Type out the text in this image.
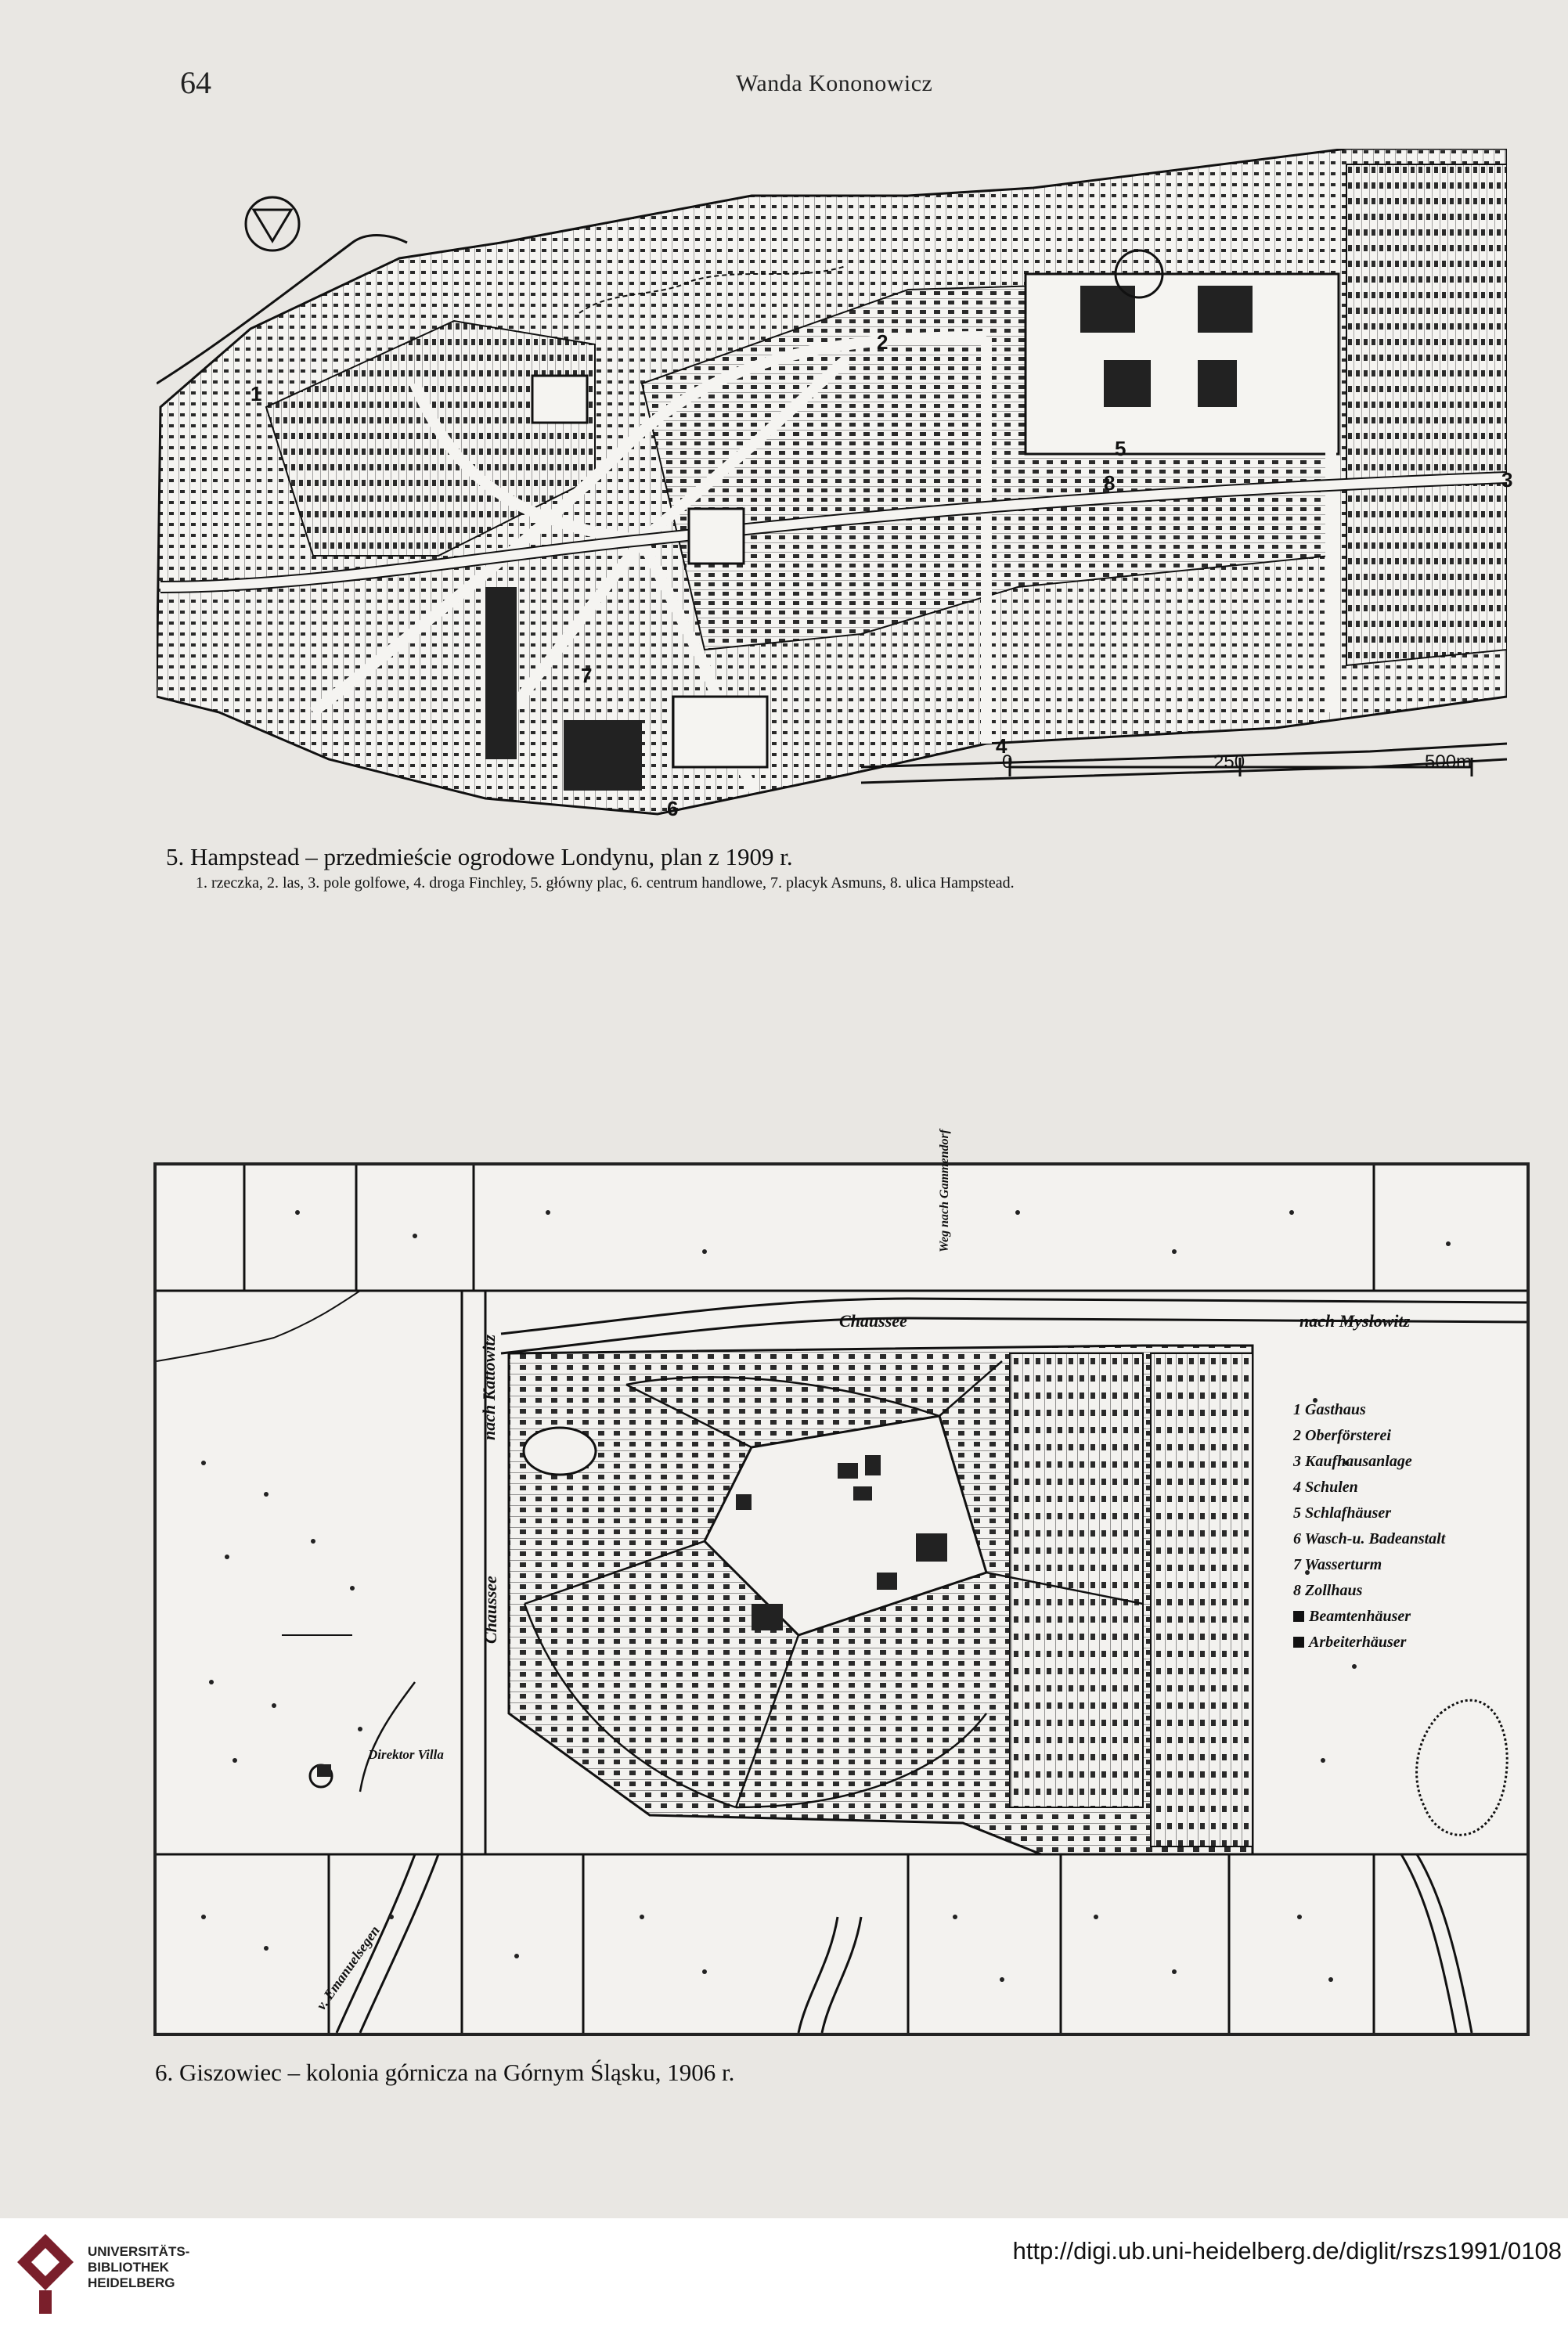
64	Wanda Kononowicz
1
2
3
4
5
6
7
8
0	250	500m
5. Hampstead – przedmieście ogrodowe Londynu, plan z 1909 r.
1. rzeczka, 2. las, 3. pole golfowe, 4. droga Finchley, 5. główny plac, 6. centrum handlowe, 7. placyk Asmuns, 8. ulica Hampstead.
1 Gasthaus
2 Oberförsterei
3 Kaufhausanlage
4 Schulen
5 Schlafhäuser
6 Wasch-u. Badeanstalt
7 Wasserturm
8 Zollhaus
Beamtenhäuser
Arbeiterhäuser
Chaussee	nach Myslowitz
Weg nach Gammendorf
nach Kattowitz
Chaussee
v. Emanuelsegen
Direktor Villa
6. Giszowiec – kolonia górnicza na Górnym Śląsku, 1906 r.
UNIVERSITÄTS-
BIBLIOTHEK
HEIDELBERG
http://digi.ub.uni-heidelberg.de/diglit/rszs1991/0108
